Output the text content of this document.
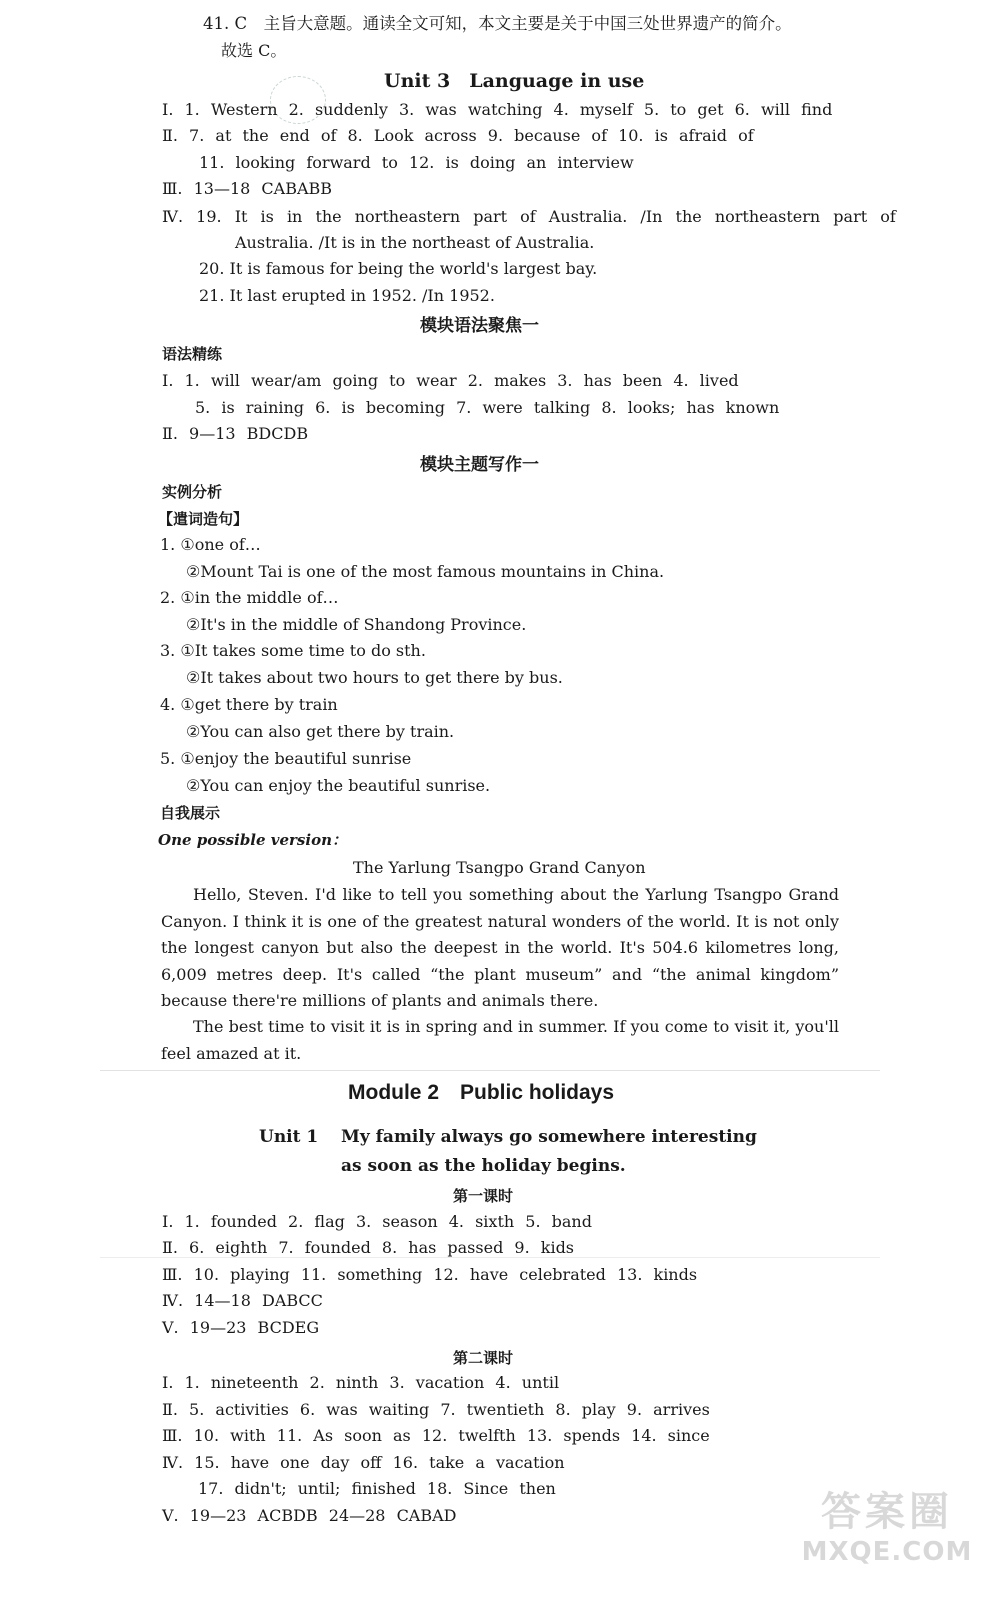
41. C　主旨大意题。通读全文可知，本文主要是关于中国三处世界遗产的简介。
故选 C。
Unit 3　Language in use
Ⅰ. 1. Western 2. suddenly 3. was watching 4. myself 5. to get 6. will find
Ⅱ. 7. at the end of 8. Look across 9. because of 10. is afraid of
11. looking forward to 12. is doing an interview
Ⅲ. 13—18 CABABB
Ⅳ. 19. It is in the northeastern part of Australia. /In the northeastern part of
Australia. /It is in the northeast of Australia.
20. It is famous for being the world's largest bay.
21. It last erupted in 1952. /In 1952.
模块语法聚焦一
语法精练
Ⅰ. 1. will wear/am going to wear 2. makes 3. has been 4. lived
5. is raining 6. is becoming 7. were talking 8. looks; has known
Ⅱ. 9—13 BDCDB
模块主题写作一
实例分析
【遣词造句】
1. ①one of…
②Mount Tai is one of the most famous mountains in China.
2. ①in the middle of…
②It's in the middle of Shandong Province.
3. ①It takes some time to do sth.
②It takes about two hours to get there by bus.
4. ①get there by train
②You can also get there by train.
5. ①enjoy the beautiful sunrise
②You can enjoy the beautiful sunrise.
自我展示
One possible version：
The Yarlung Tsangpo Grand Canyon
Hello, Steven. I'd like to tell you something about the Yarlung Tsangpo Grand Canyon. I think it is one of the greatest natural wonders of the world. It is not only the longest canyon but also the deepest in the world. It's 504.6 kilometres long, 6,009 metres deep. It's called “the plant museum” and “the animal kingdom” because there're millions of plants and animals there.
The best time to visit it is in spring and in summer. If you come to visit it, you'll feel amazed at it.
Module 2　Public holidays
Unit 1 My family always go somewhere interesting
as soon as the holiday begins.
第一课时
Ⅰ. 1. founded 2. flag 3. season 4. sixth 5. band
Ⅱ. 6. eighth 7. founded 8. has passed 9. kids
Ⅲ. 10. playing 11. something 12. have celebrated 13. kinds
Ⅳ. 14—18 DABCC
Ⅴ. 19—23 BCDEG
第二课时
Ⅰ. 1. nineteenth 2. ninth 3. vacation 4. until
Ⅱ. 5. activities 6. was waiting 7. twentieth 8. play 9. arrives
Ⅲ. 10. with 11. As soon as 12. twelfth 13. spends 14. since
Ⅳ. 15. have one day off 16. take a vacation
17. didn't; until; finished 18. Since then
Ⅴ. 19—23 ACBDB 24—28 CABAD	答案圈
MXQE.COM
